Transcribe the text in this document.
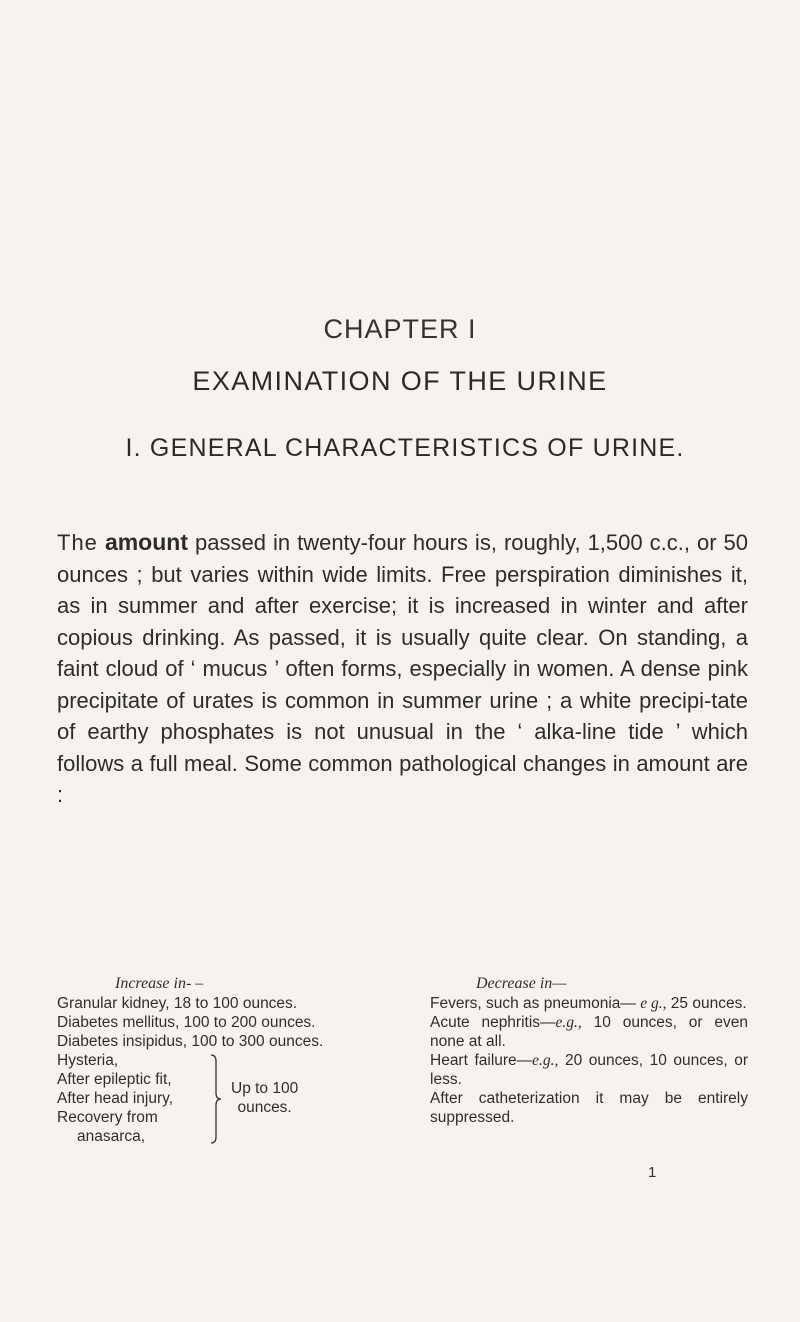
CHAPTER I
EXAMINATION OF THE URINE
I. GENERAL CHARACTERISTICS OF URINE.
The amount passed in twenty-four hours is, roughly, 1,500 c.c., or 50 ounces ; but varies within wide limits. Free perspiration diminishes it, as in summer and after exercise; it is increased in winter and after copious drinking. As passed, it is usually quite clear. On standing, a faint cloud of ‘ mucus ’ often forms, especially in women. A dense pink precipitate of urates is common in summer urine ; a white precipi-tate of earthy phosphates is not unusual in the ‘ alka-line tide ’ which follows a full meal. Some common pathological changes in amount are :
Increase in- –
Granular kidney, 18 to 100 ounces.
Diabetes mellitus, 100 to 200 ounces.
Diabetes insipidus, 100 to 300 ounces.
Hysteria,
After epileptic fit,
After head injury,
Recovery from
anasarca,
Up to 100
ounces.
Decrease in—
Fevers, such as pneumonia— e g., 25 ounces.
Acute nephritis—e.g., 10 ounces, or even none at all.
Heart failure—e.g., 20 ounces, 10 ounces, or less.
After catheterization it may be entirely suppressed.
1
